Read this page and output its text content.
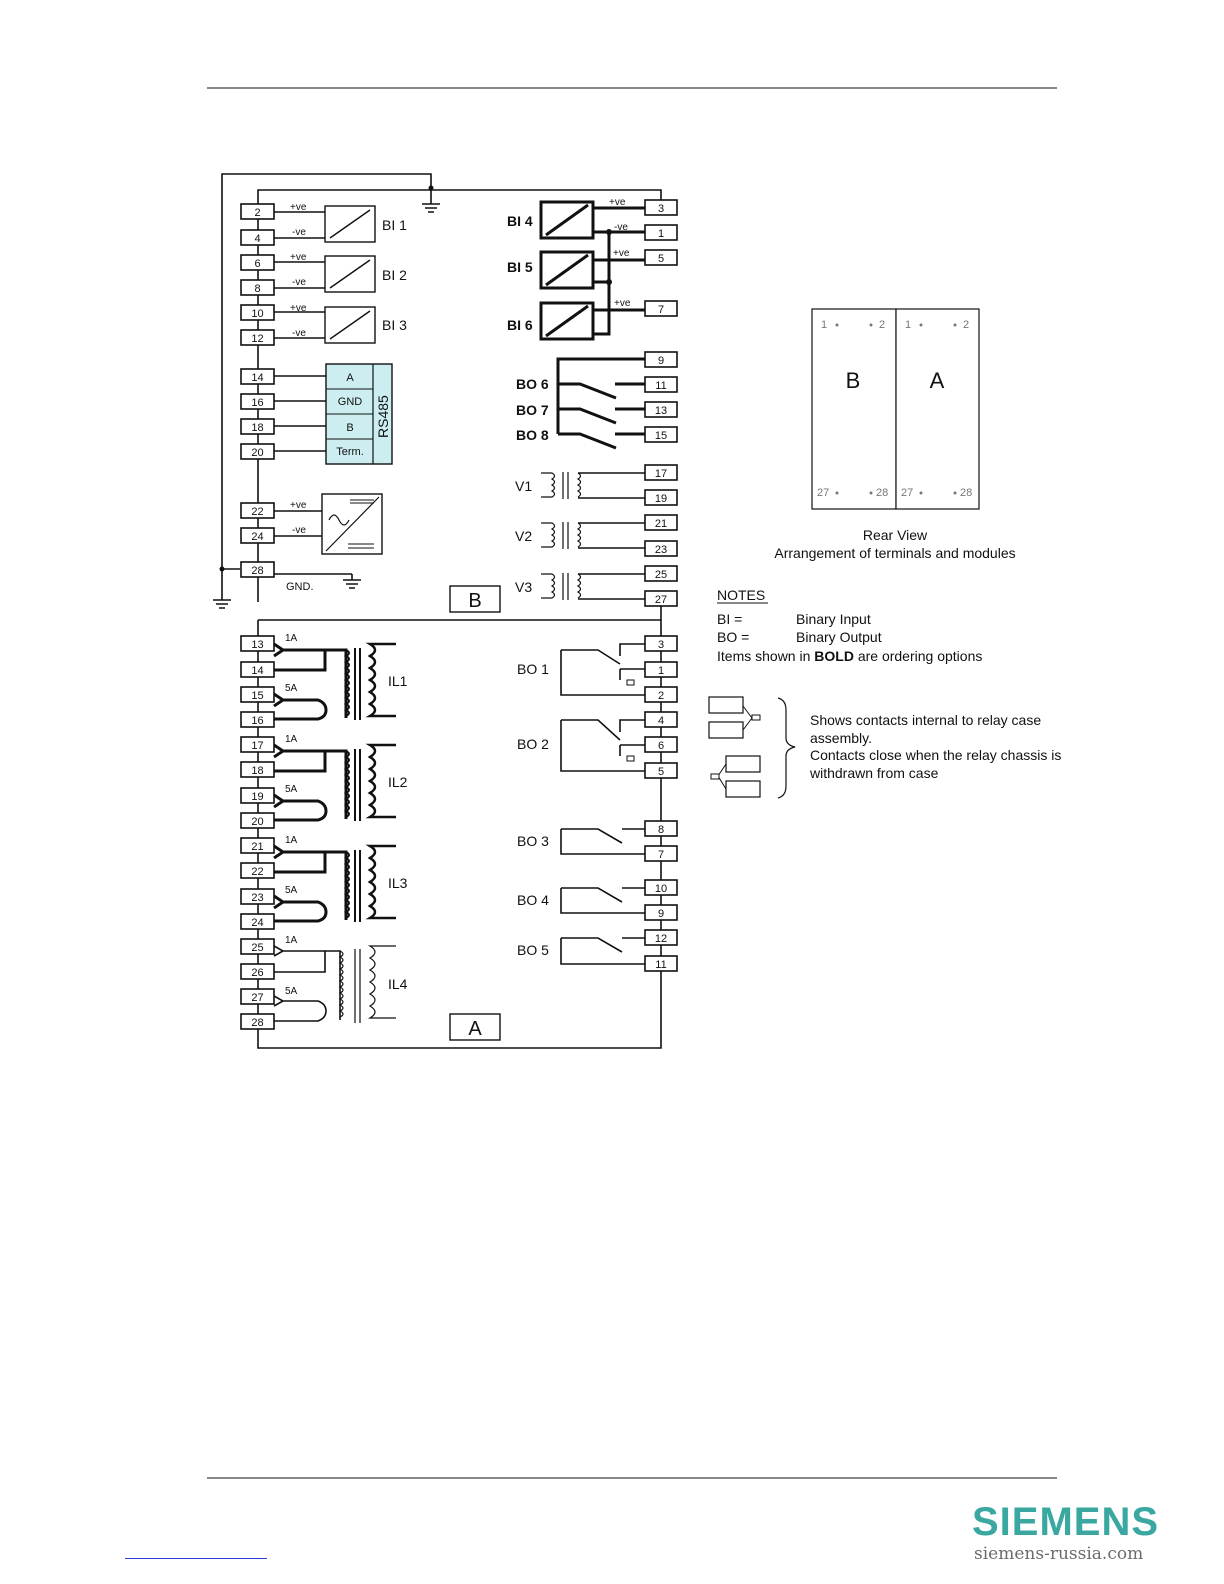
GND.
+ve
-ve
+ve
-ve
+ve
-ve
BI 1
BI 2
BI 3
A
GND
B
Term.
RS485
+ve
-ve
+ve
-ve
+ve
+ve
BI 4
BI 5
BI 6
BO 6
BO 7
BO 8
V1
V2
V3
B
2
4
6
8
10
12
14
16
18
20
22
24
28
3
1
5
7
9
11
13
15
17
19
21
23
25
27
IL1
IL2
IL3
IL4
1A
5A
1A
5A
1A
5A
1A
5A
BO 1
BO 2
BO 3
BO 4
BO 5
A
13
14
15
16
17
18
19
20
21
22
23
24
25
26
27
28
3
1
2
4
6
5
8
7
10
9
12
11
B	A
1	2 1	2
27	28 27	28
Rear View
Arrangement of terminals and modules
NOTES
BI =	Binary Input
BO =	Binary Output
Items shown in BOLD are ordering options
Shows contacts internal to relay case
assembly.
Contacts close when the relay chassis is
withdrawn from case
SIEMENS
siemens-russia.com
